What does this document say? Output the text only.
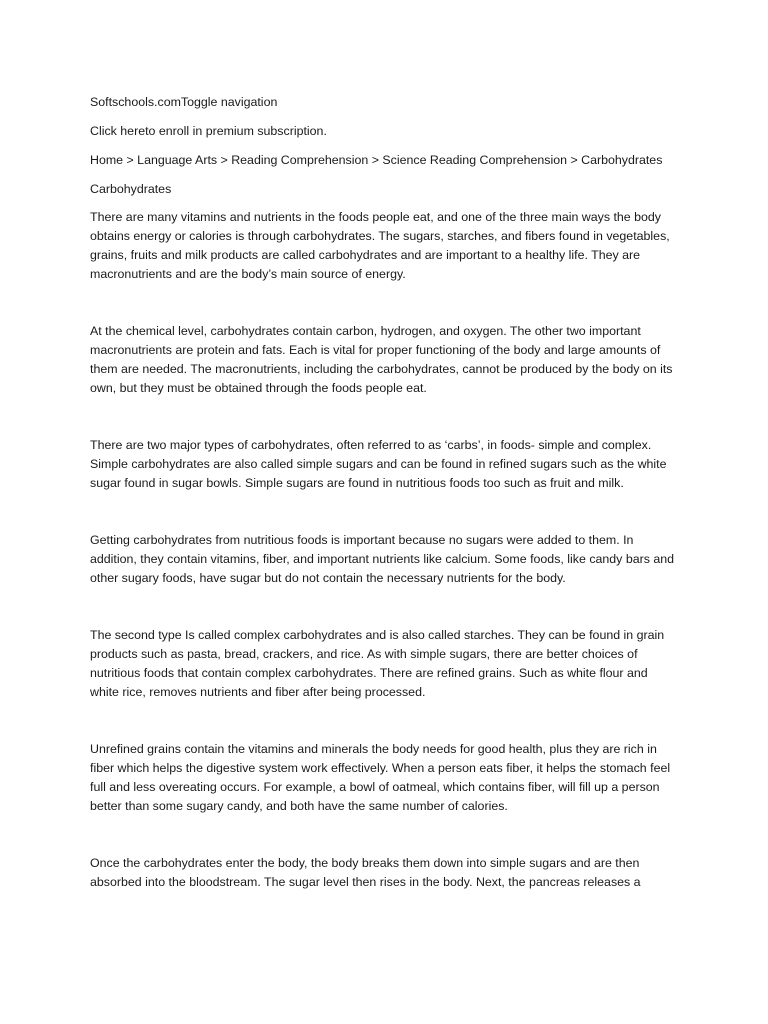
Softschools.comToggle navigation
Click hereto enroll in premium subscription.
Home > Language Arts > Reading Comprehension > Science Reading Comprehension > Carbohydrates
Carbohydrates

There are many vitamins and nutrients in the foods people eat, and one of the three main ways the body obtains energy or calories is through carbohydrates. The sugars, starches, and fibers found in vegetables, grains, fruits and milk products are called carbohydrates and are important to a healthy life. They are macronutrients and are the body’s main source of energy.

At the chemical level, carbohydrates contain carbon, hydrogen, and oxygen. The other two important macronutrients are protein and fats. Each is vital for proper functioning of the body and large amounts of them are needed. The macronutrients, including the carbohydrates, cannot be produced by the body on its own, but they must be obtained through the foods people eat.

There are two major types of carbohydrates, often referred to as ‘carbs’, in foods- simple and complex. Simple carbohydrates are also called simple sugars and can be found in refined sugars such as the white sugar found in sugar bowls. Simple sugars are found in nutritious foods too such as fruit and milk.

Getting carbohydrates from nutritious foods is important because no sugars were added to them. In addition, they contain vitamins, fiber, and important nutrients like calcium. Some foods, like candy bars and other sugary foods, have sugar but do not contain the necessary nutrients for the body.

The second type Is called complex carbohydrates and is also called starches. They can be found in grain products such as pasta, bread, crackers, and rice. As with simple sugars, there are better choices of nutritious foods that contain complex carbohydrates. There are refined grains. Such as white flour and white rice, removes nutrients and fiber after being processed.

Unrefined grains contain the vitamins and minerals the body needs for good health, plus they are rich in fiber which helps the digestive system work effectively. When a person eats fiber, it helps the stomach feel full and less overeating occurs. For example, a bowl of oatmeal, which contains fiber, will fill up a person better than some sugary candy, and both have the same number of calories.

Once the carbohydrates enter the body, the body breaks them down into simple sugars and are then absorbed into the bloodstream. The sugar level then rises in the body. Next, the pancreas releases a
